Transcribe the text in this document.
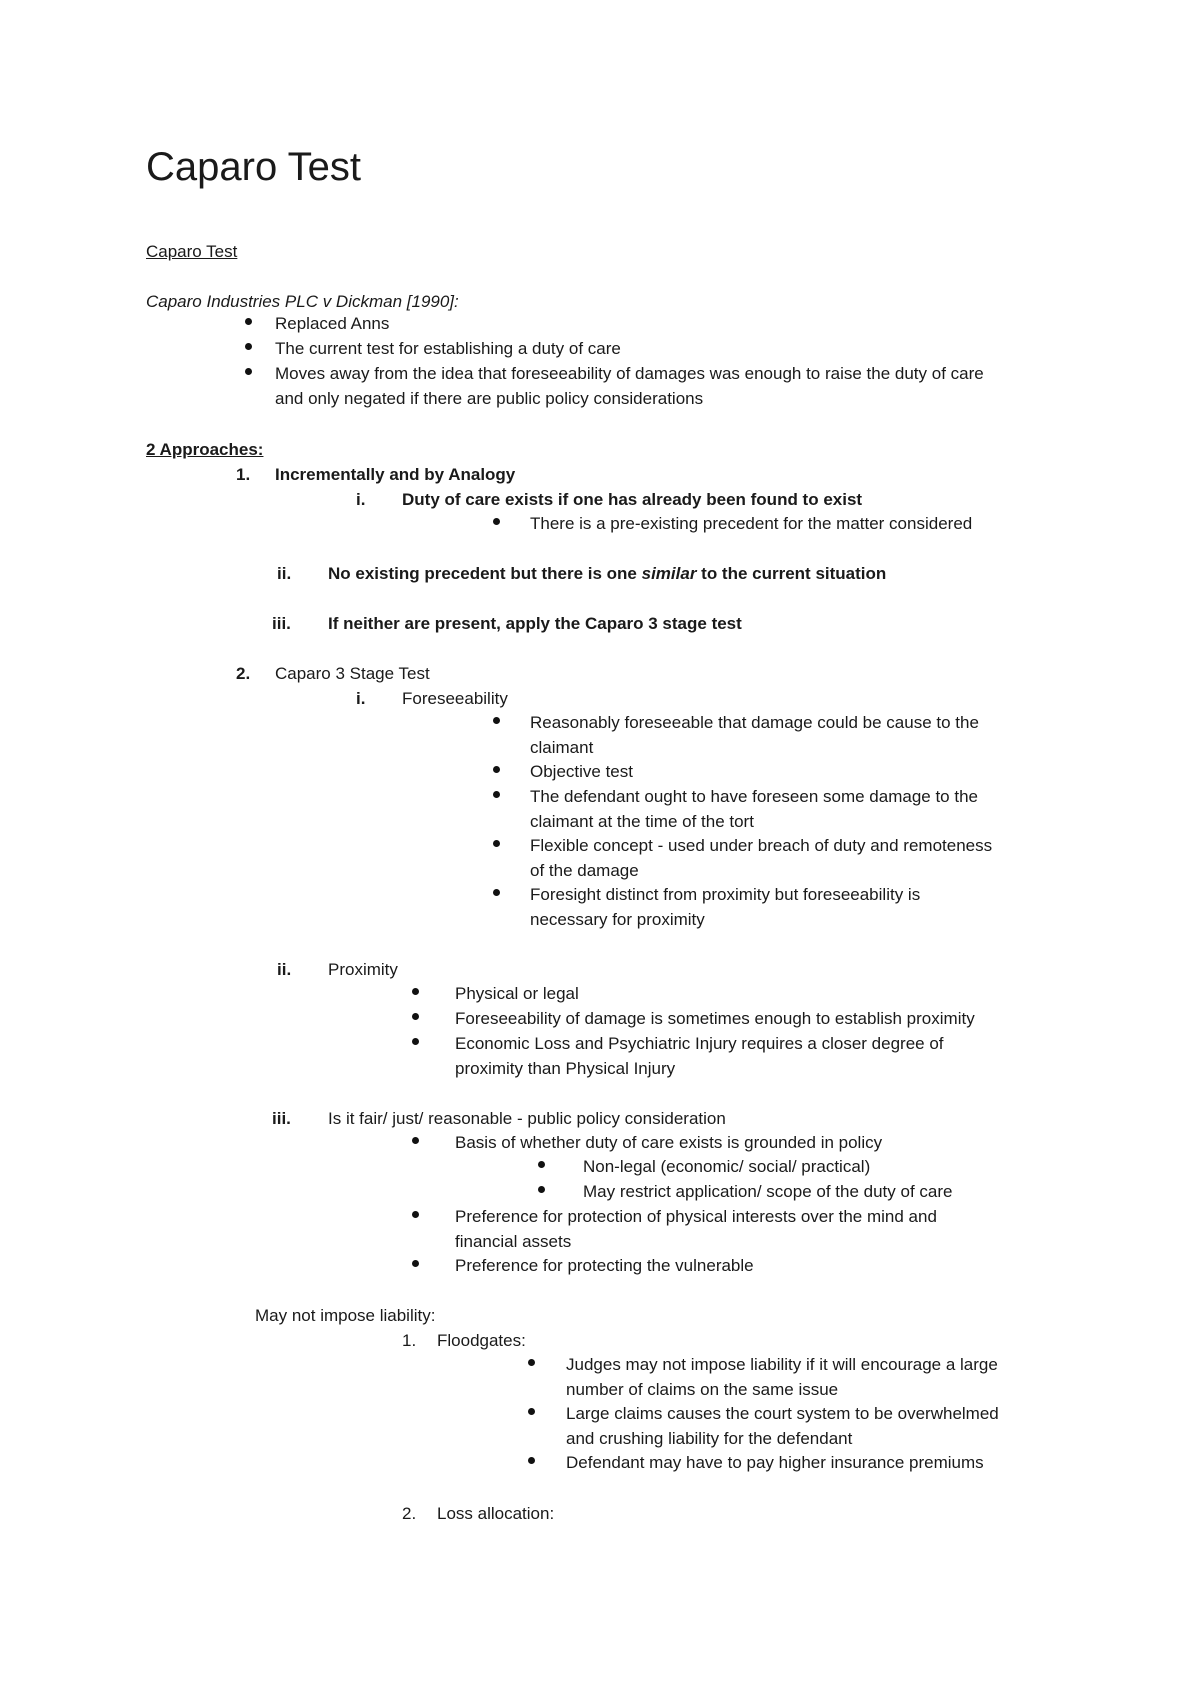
Caparo Test
Caparo Test
Caparo Industries PLC v Dickman [1990]:
Replaced Anns
The current test for establishing a duty of care
Moves away from the idea that foreseeability of damages was enough to raise the duty of care
and only negated if there are public policy considerations
2 Approaches:
1. Incrementally and by Analogy
i. Duty of care exists if one has already been found to exist
There is a pre-existing precedent for the matter considered
ii. No existing precedent but there is one similar to the current situation
iii. If neither are present, apply the Caparo 3 stage test
2. Caparo 3 Stage Test
i. Foreseeability
Reasonably foreseeable that damage could be cause to the
claimant
Objective test
The defendant ought to have foreseen some damage to the
claimant at the time of the tort
Flexible concept - used under breach of duty and remoteness
of the damage
Foresight distinct from proximity but foreseeability is
necessary for proximity
ii. Proximity
Physical or legal
Foreseeability of damage is sometimes enough to establish proximity
Economic Loss and Psychiatric Injury requires a closer degree of
proximity than Physical Injury
iii. Is it fair/ just/ reasonable - public policy consideration
Basis of whether duty of care exists is grounded in policy
Non-legal (economic/ social/ practical)
May restrict application/ scope of the duty of care
Preference for protection of physical interests over the mind and
financial assets
Preference for protecting the vulnerable
May not impose liability:
1. Floodgates:
Judges may not impose liability if it will encourage a large
number of claims on the same issue
Large claims causes the court system to be overwhelmed
and crushing liability for the defendant
Defendant may have to pay higher insurance premiums
2. Loss allocation:
